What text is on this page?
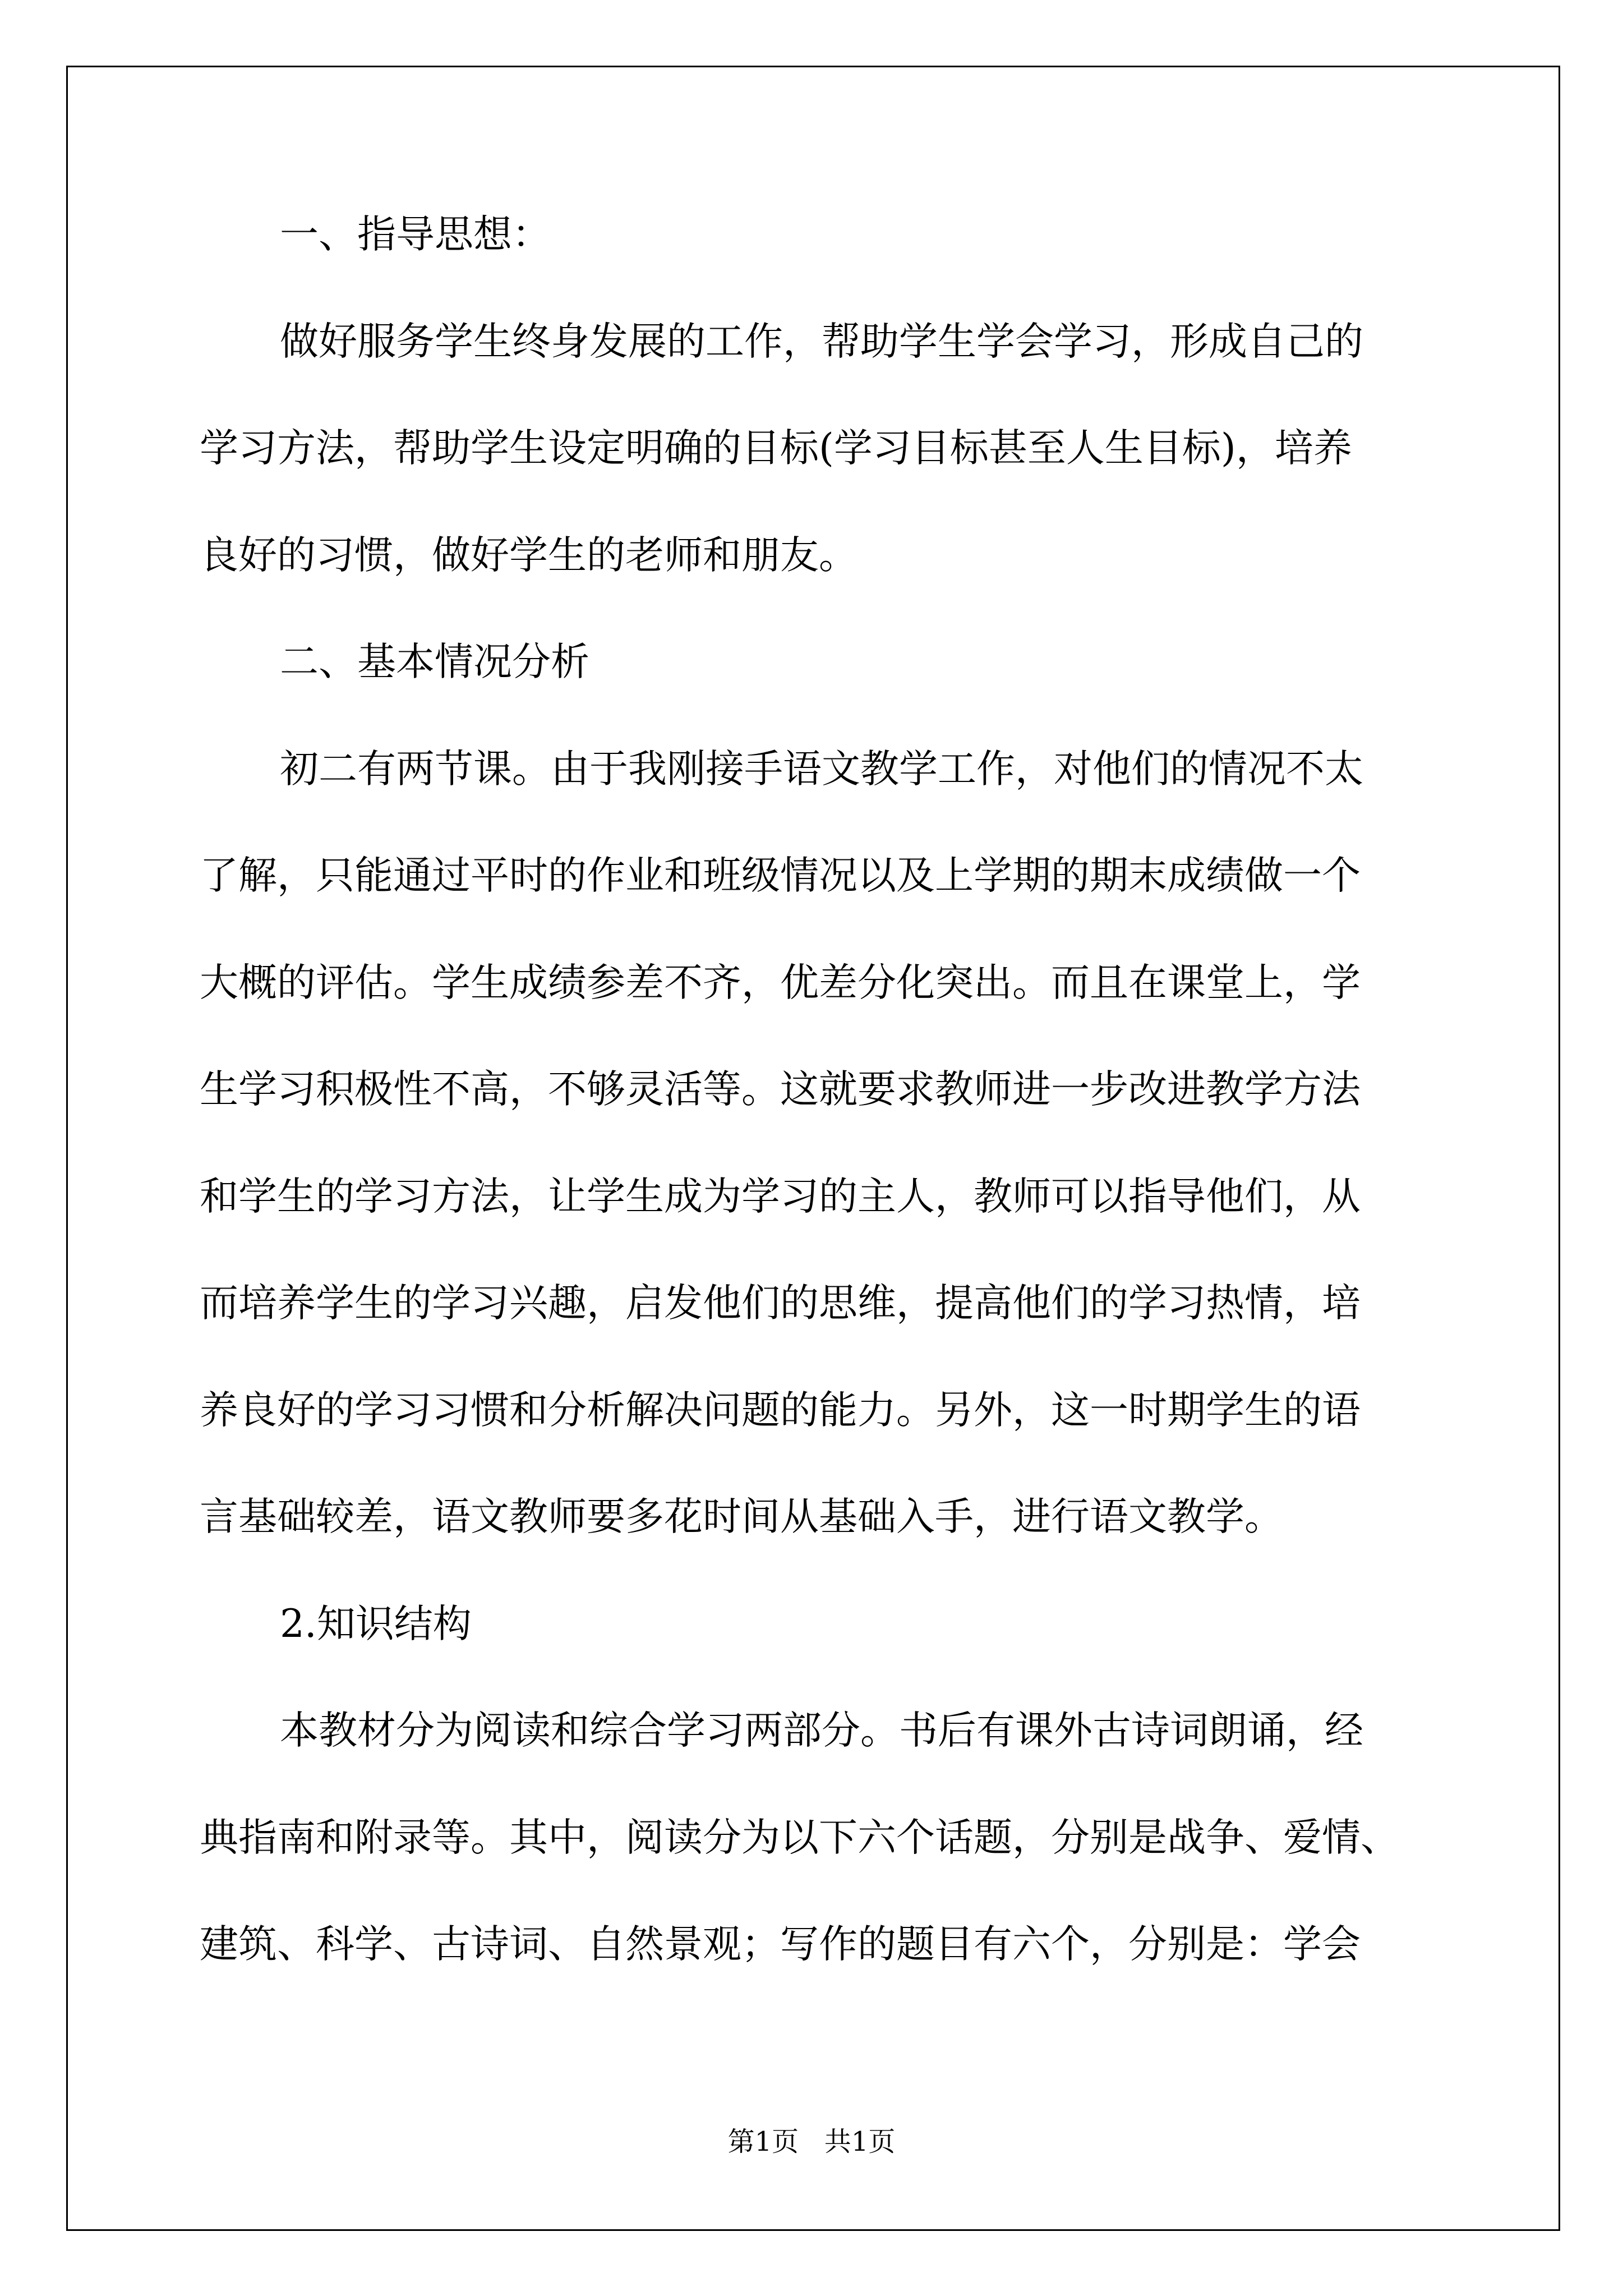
一、指导思想：
做好服务学生终身发展的工作，帮助学生学会学习，形成自己的
学习方法，帮助学生设定明确的目标(学习目标甚至人生目标)，培养
良好的习惯，做好学生的老师和朋友。
二、基本情况分析
初二有两节课。由于我刚接手语文教学工作，对他们的情况不太
了解，只能通过平时的作业和班级情况以及上学期的期末成绩做一个
大概的评估。学生成绩参差不齐，优差分化突出。而且在课堂上，学
生学习积极性不高，不够灵活等。这就要求教师进一步改进教学方法
和学生的学习方法，让学生成为学习的主人，教师可以指导他们，从
而培养学生的学习兴趣，启发他们的思维，提高他们的学习热情，培
养良好的学习习惯和分析解决问题的能力。另外，这一时期学生的语
言基础较差，语文教师要多花时间从基础入手，进行语文教学。
2.知识结构
本教材分为阅读和综合学习两部分。书后有课外古诗词朗诵，经
典指南和附录等。其中，阅读分为以下六个话题，分别是战争、爱情、
建筑、科学、古诗词、自然景观；写作的题目有六个，分别是：学会
第1页   共1页
